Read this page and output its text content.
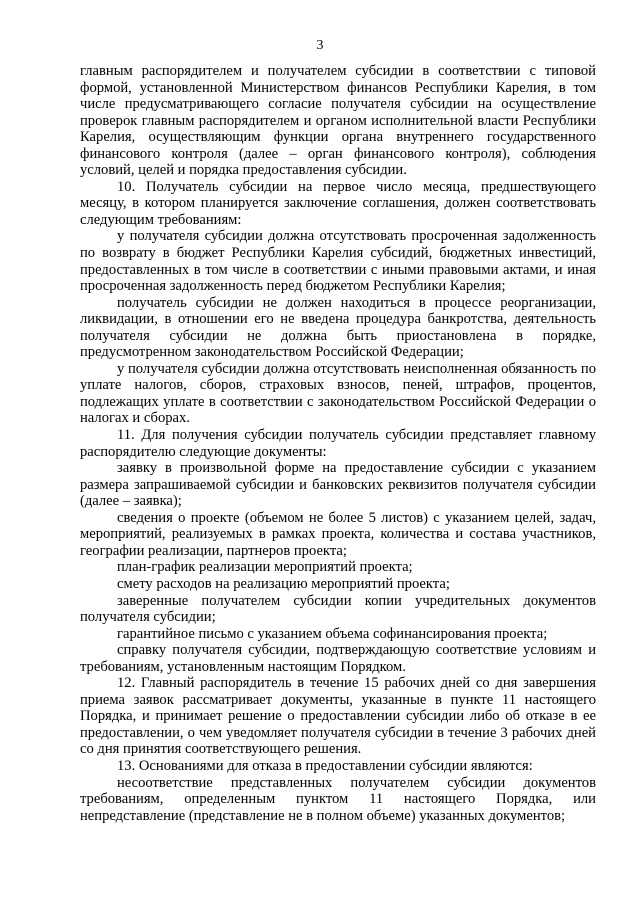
3

главным распорядителем и получателем субсидии в соответствии с типовой формой, установленной Министерством финансов Республики Карелия, в том числе предусматривающего согласие получателя субсидии на осуществление проверок главным распорядителем и органом исполнительной власти Республики Карелия, осуществляющим функции органа внутреннего государственного финансового контроля (далее – орган финансового контроля), соблюдения условий, целей и порядка предоставления субсидии.

10. Получатель субсидии на первое число месяца, предшествующего месяцу, в котором планируется заключение соглашения, должен соответствовать следующим требованиям:

у получателя субсидии должна отсутствовать просроченная задолженность по возврату в бюджет Республики Карелия субсидий, бюджетных инвестиций, предоставленных в том числе в соответствии с иными правовыми актами, и иная просроченная задолженность перед бюджетом Республики Карелия;

получатель субсидии не должен находиться в процессе реорганизации, ликвидации, в отношении его не введена процедура банкротства, деятельность получателя субсидии не должна быть приостановлена в порядке, предусмотренном законодательством Российской Федерации;

у получателя субсидии должна отсутствовать неисполненная обязанность по уплате налогов, сборов, страховых взносов, пеней, штрафов, процентов, подлежащих уплате в соответствии с законодательством Российской Федерации о налогах и сборах.

11. Для получения субсидии получатель субсидии представляет главному распорядителю следующие документы:

заявку в произвольной форме на предоставление субсидии с указанием размера запрашиваемой субсидии и банковских реквизитов получателя субсидии (далее – заявка);

сведения о проекте (объемом не более 5 листов) с указанием целей, задач, мероприятий, реализуемых в рамках проекта, количества и состава участников, географии реализации, партнеров проекта;

план-график реализации мероприятий проекта;

смету расходов на реализацию мероприятий проекта;

заверенные получателем субсидии копии учредительных документов получателя субсидии;

гарантийное письмо с указанием объема софинансирования проекта;

справку получателя субсидии, подтверждающую соответствие условиям и требованиям, установленным настоящим Порядком.

12. Главный распорядитель в течение 15 рабочих дней со дня завершения приема заявок рассматривает документы, указанные в пункте 11 настоящего Порядка, и принимает решение о предоставлении субсидии либо об отказе в ее предоставлении, о чем уведомляет получателя субсидии в течение 3 рабочих дней со дня принятия соответствующего решения.

13. Основаниями для отказа в предоставлении субсидии являются:

несоответствие представленных получателем субсидии документов требованиям, определенным пунктом 11 настоящего Порядка, или непредставление (представление не в полном объеме) указанных документов;
